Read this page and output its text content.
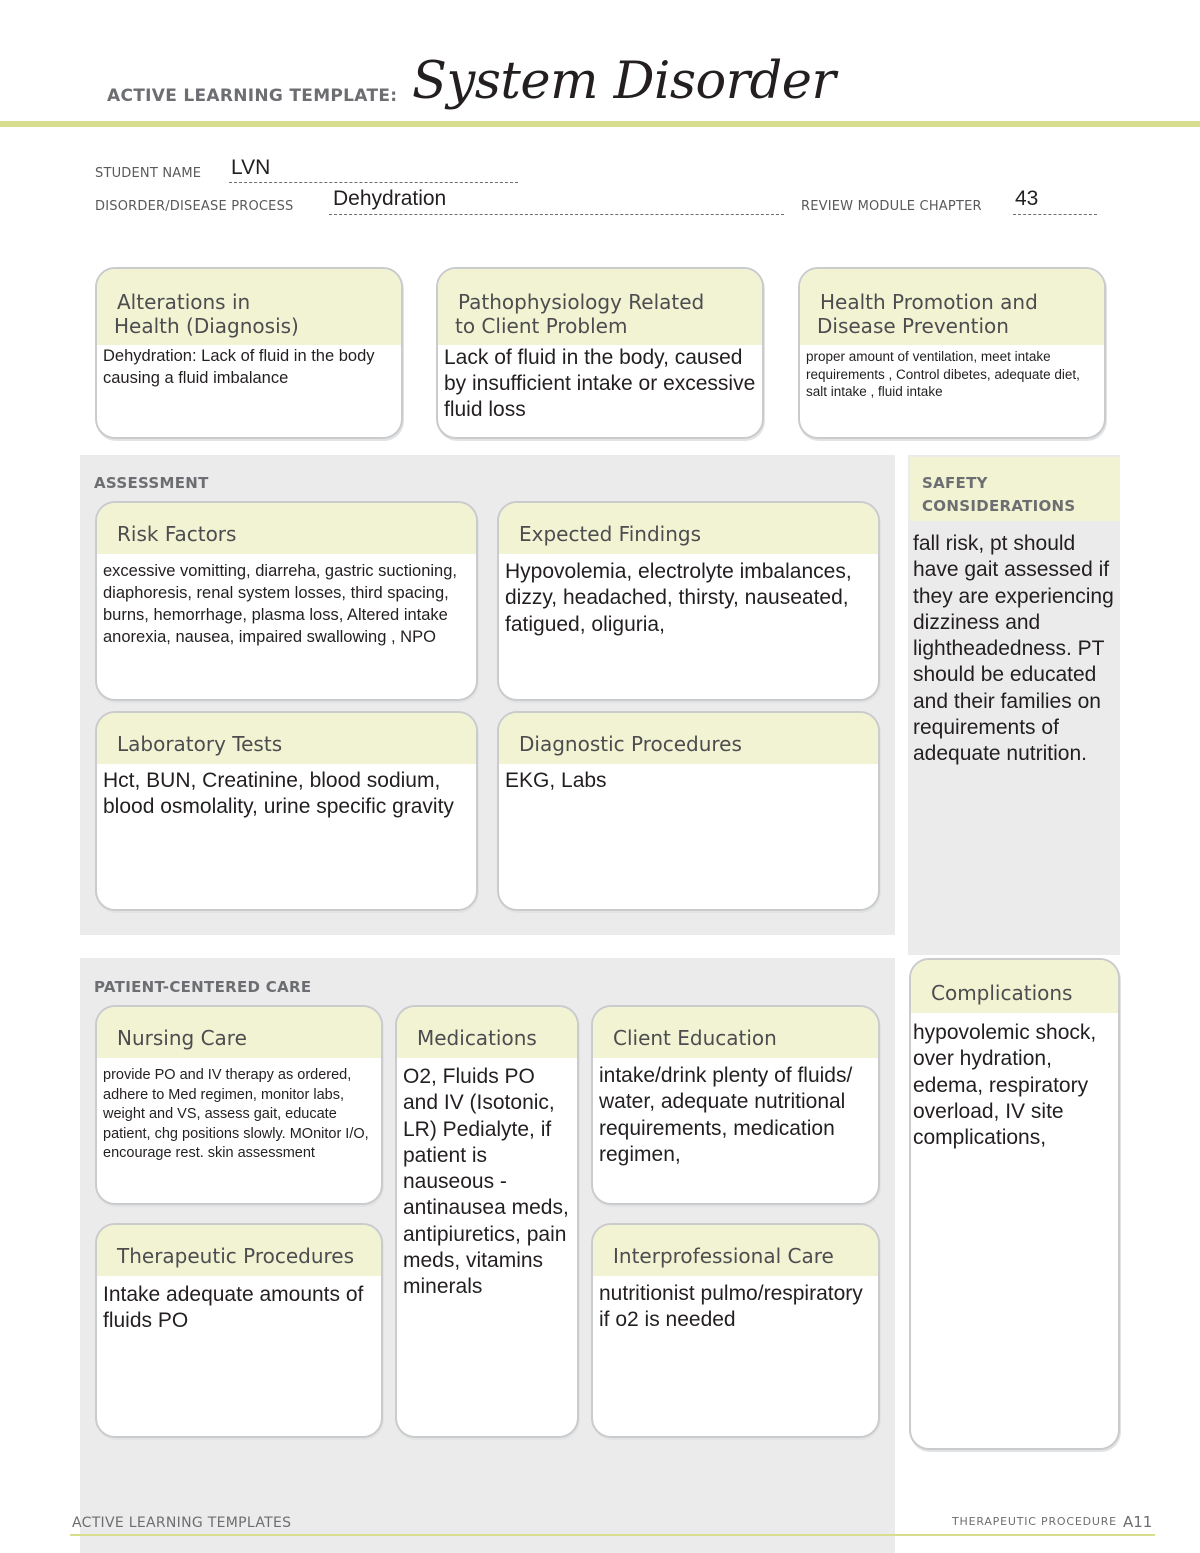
ACTIVE LEARNING TEMPLATE: System Disorder
STUDENT NAME LVN
DISORDER/DISEASE PROCESS Dehydration	REVIEW MODULE CHAPTER 43
Alterations in
Health (Diagnosis)
Dehydration: Lack of fluid in the body causing a fluid imbalance
Pathophysiology Related
to Client Problem
Lack of fluid in the body, caused by insufficient intake or excessive fluid loss
Health Promotion and
Disease Prevention
proper amount of ventilation, meet intake requirements , Control dibetes, adequate diet, salt intake , fluid intake
ASSESSMENT
Risk Factors
excessive vomitting, diarreha, gastric suctioning, diaphoresis, renal system losses, third spacing, burns, hemorrhage, plasma loss, Altered intake anorexia, nausea, impaired swallowing , NPO
Expected Findings
Hypovolemia, electrolyte imbalances, dizzy, headached, thirsty, nauseated, fatigued, oliguria,
Laboratory Tests
Hct, BUN, Creatinine, blood sodium, blood osmolality, urine specific gravity
Diagnostic Procedures
EKG, Labs
SAFETY
CONSIDERATIONS
fall risk, pt should have gait assessed if they are experiencing dizziness and lightheadedness. PT should be educated and their families on requirements of adequate nutrition.
PATIENT-CENTERED CARE
Nursing Care
provide PO and IV therapy as ordered, adhere to Med regimen, monitor labs, weight and VS, assess gait, educate patient, chg positions slowly. MOnitor I/O, encourage rest. skin assessment
Medications
O2, Fluids PO and IV (Isotonic, LR) Pedialyte, if patient is nauseous - antinausea meds, antipiuretics, pain meds, vitamins minerals
Client Education
intake/drink plenty of fluids/ water, adequate nutritional requirements, medication regimen,
Therapeutic Procedures
Intake adequate amounts of fluids PO
Interprofessional Care
nutritionist pulmo/respiratory if o2 is needed
Complications
hypovolemic shock, over hydration, edema, respiratory overload, IV site complications,
ACTIVE LEARNING TEMPLATES	THERAPEUTIC PROCEDURE A11
